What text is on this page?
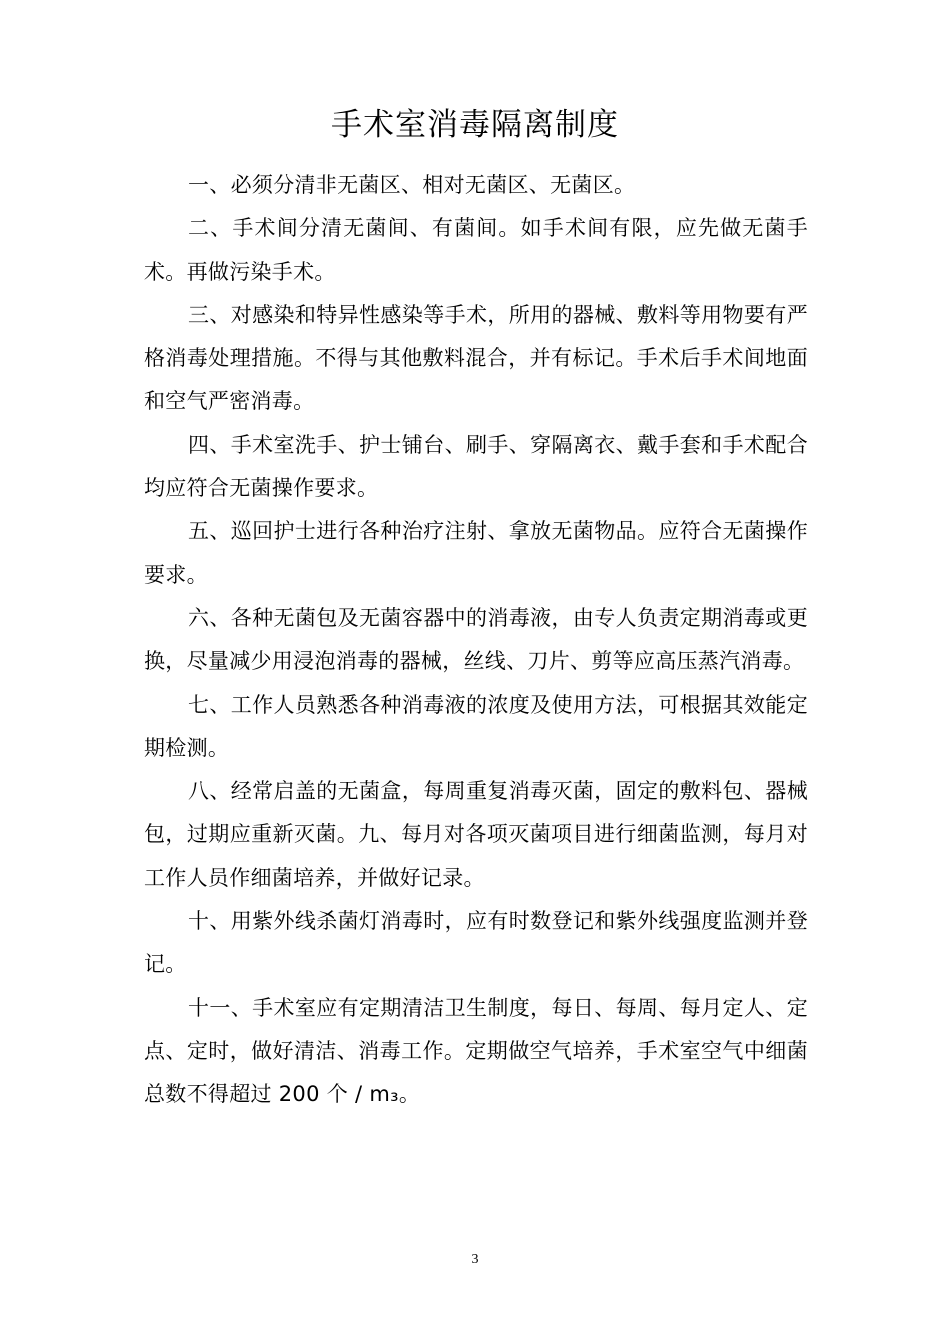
手术室消毒隔离制度

一、必须分清非无菌区、相对无菌区、无菌区。

二、手术间分清无菌间、有菌间。如手术间有限，应先做无菌手术。再做污染手术。

三、对感染和特异性感染等手术，所用的器械、敷料等用物要有严格消毒处理措施。不得与其他敷料混合，并有标记。手术后手术间地面和空气严密消毒。

四、手术室洗手、护士铺台、刷手、穿隔离衣、戴手套和手术配合均应符合无菌操作要求。

五、巡回护士进行各种治疗注射、拿放无菌物品。应符合无菌操作要求。

六、各种无菌包及无菌容器中的消毒液，由专人负责定期消毒或更换，尽量减少用浸泡消毒的器械，丝线、刀片、剪等应高压蒸汽消毒。

七、工作人员熟悉各种消毒液的浓度及使用方法，可根据其效能定期检测。

八、经常启盖的无菌盒，每周重复消毒灭菌，固定的敷料包、器械包，过期应重新灭菌。九、每月对各项灭菌项目进行细菌监测，每月对工作人员作细菌培养，并做好记录。

十、用紫外线杀菌灯消毒时，应有时数登记和紫外线强度监测并登记。

十一、手术室应有定期清洁卫生制度，每日、每周、每月定人、定点、定时，做好清洁、消毒工作。定期做空气培养，手术室空气中细菌总数不得超过 200 个 / m₃。

3
